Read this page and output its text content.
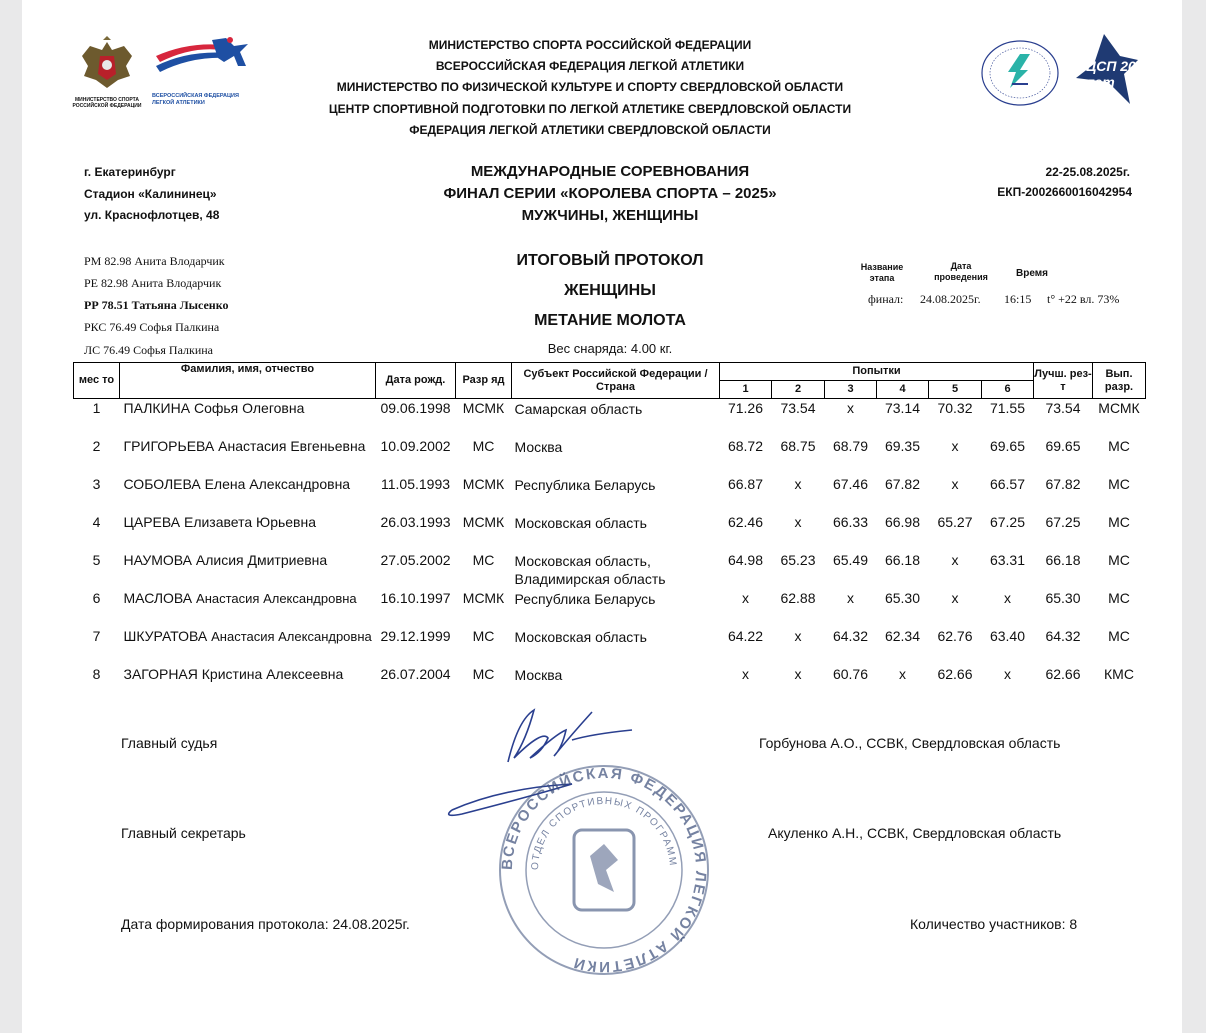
МИНИСТЕРСТВО СПОРТА РОССИЙСКОЙ ФЕДЕРАЦИИ
ВСЕРОССИЙСКАЯ ФЕДЕРАЦИЯ ЛЕГКОЙ АТЛЕТИКИ
ЦСП 20 лет
МИНИСТЕРСТВО СПОРТА РОССИЙСКОЙ ФЕДЕРАЦИИ
ВСЕРОССИЙСКАЯ ФЕДЕРАЦИЯ ЛЕГКОЙ АТЛЕТИКИ
МИНИСТЕРСТВО ПО ФИЗИЧЕСКОЙ КУЛЬТУРЕ И СПОРТУ СВЕРДЛОВСКОЙ ОБЛАСТИ
ЦЕНТР СПОРТИВНОЙ ПОДГОТОВКИ ПО ЛЕГКОЙ АТЛЕТИКЕ СВЕРДЛОВСКОЙ ОБЛАСТИ
ФЕДЕРАЦИЯ ЛЕГКОЙ АТЛЕТИКИ СВЕРДЛОВСКОЙ ОБЛАСТИ
г. Екатеринбург
Стадион «Калининец»
ул. Краснофлотцев, 48
МЕЖДУНАРОДНЫЕ СОРЕВНОВАНИЯ
ФИНАЛ СЕРИИ «КОРОЛЕВА СПОРТА – 2025»
МУЖЧИНЫ, ЖЕНЩИНЫ
22-25.08.2025г.
ЕКП-2002660016042954
РМ 82.98 Анита Влодарчик
РЕ 82.98 Анита Влодарчик
РР 78.51 Татьяна Лысенко
РКС 76.49 Софья Палкина
ЛС 76.49 Софья Палкина
ИТОГОВЫЙ ПРОТОКОЛ
ЖЕНЩИНЫ
МЕТАНИЕ МОЛОТА
Вес снаряда: 4.00 кг.
Название этапа
Дата проведения	Время
финал: 24.08.2025г. 16:15 t° +22 вл. 73%
мес то	Фамилия, имя, отчество	Дата рожд.	Разр яд	Субъект Российской Федерации / Страна	Попытки						Лучш. рез-т	Вып. разр.
					1	2	3	4	5	6		
1	ПАЛКИНА Софья Олеговна	09.06.1998	МСМК	Самарская область	71.26	73.54	x	73.14	70.32	71.55	73.54	МСМК
2	ГРИГОРЬЕВА Анастасия Евгеньевна	10.09.2002	МС	Москва	68.72	68.75	68.79	69.35	x	69.65	69.65	МС
3	СОБОЛЕВА Елена Александровна	11.05.1993	МСМК	Республика Беларусь	66.87	x	67.46	67.82	x	66.57	67.82	МС
4	ЦАРЕВА Елизавета Юрьевна	26.03.1993	МСМК	Московская область	62.46	x	66.33	66.98	65.27	67.25	67.25	МС
5	НАУМОВА Алисия Дмитриевна	27.05.2002	МС	Московская область,
Владимирская область	64.98	65.23	65.49	66.18	x	63.31	66.18	МС
6	МАСЛОВА Анастасия Александровна	16.10.1997	МСМК	Республика Беларусь	x	62.88	x	65.30	x	x	65.30	МС
7	ШКУРАТОВА Анастасия Александровна	29.12.1999	МС	Московская область	64.22	x	64.32	62.34	62.76	63.40	64.32	МС
8	ЗАГОРНАЯ Кристина Алексеевна	26.07.2004	МС	Москва	x	x	60.76	x	62.66	x	62.66	КМС
Главный судья	Горбунова А.О., ССВК, Свердловская область
Главный секретарь	Акуленко А.Н., ССВК, Свердловская область
Дата формирования протокола: 24.08.2025г.	Количество участников: 8
ВСЕРОССИЙСКАЯ ФЕДЕРАЦИЯ ЛЕГКОЙ АТЛЕТИКИ
ОТДЕЛ СПОРТИВНЫХ ПРОГРАММ
